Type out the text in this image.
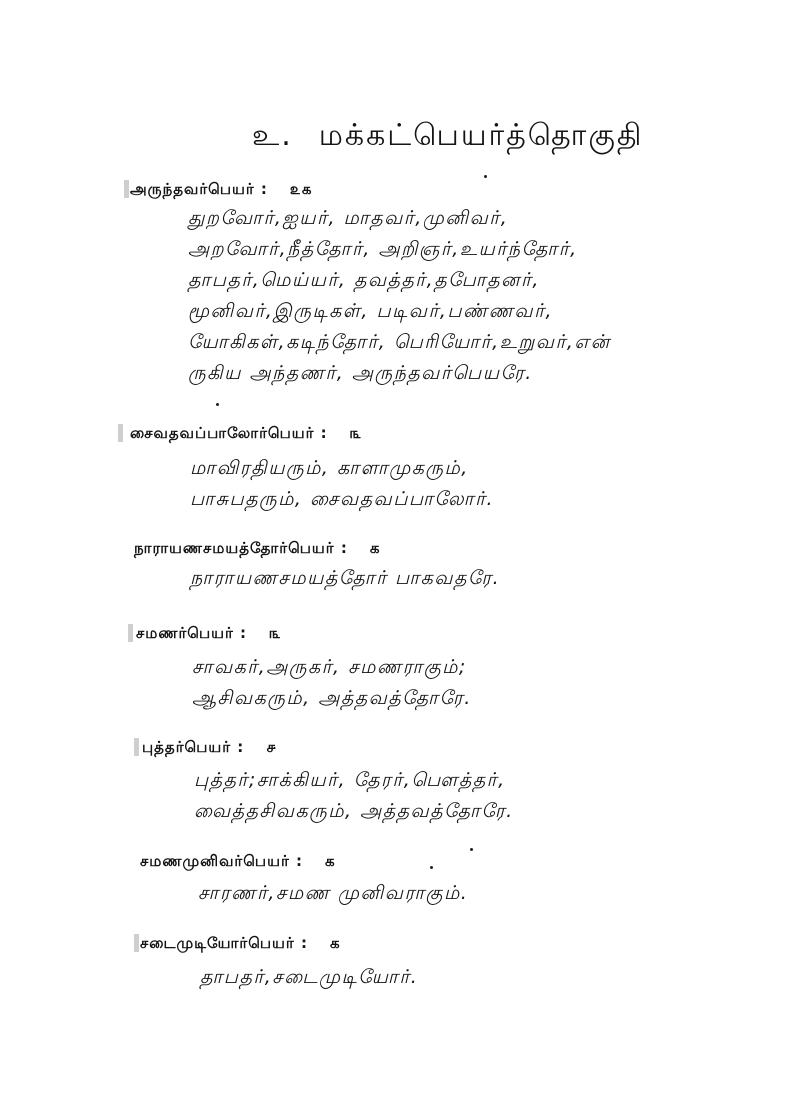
உ. மக்கட்பெயர்த்தொகுதி
அருந்தவர்பெயர் : ௨௧
துறவோர்,ஐயர், மாதவர்,முனிவர்,
அறவோர்,நீத்தோர், அறிஞர்,உயர்ந்தோர்,
தாபதர்,மெய்யர், தவத்தர்,தபோதனர்,
மூனிவர்,இருடிகள், படிவர்,பண்ணவர்,
யோகிகள்,கடிந்தோர், பெரியோர்,உறுவர்,என்
ருகிய அந்தணர், அருந்தவர்பெயரே.
சைவதவப்பாலோர்பெயர் : ௩
மாவிரதியரும், காளாமுகரும்,
பாசுபதரும், சைவதவப்பாலோர்.
நாராயணசமயத்தோர்பெயர் : க
நாராயணசமயத்தோர் பாகவதரே.
சமணர்பெயர் : ௩
சாவகர்,அருகர், சமணராகும்;
ஆசிவகரும், அத்தவத்தோரே.
புத்தர்பெயர் : ௪
புத்தர்;சாக்கியர், தேரர்,பௌத்தர்,
வைத்தசிவகரும், அத்தவத்தோரே.
சமணமுனிவர்பெயர் : க
சாரணர்,சமண முனிவராகும்.
சடைமுடியோர்பெயர் : க
தாபதர்,சடைமுடியோர்.
